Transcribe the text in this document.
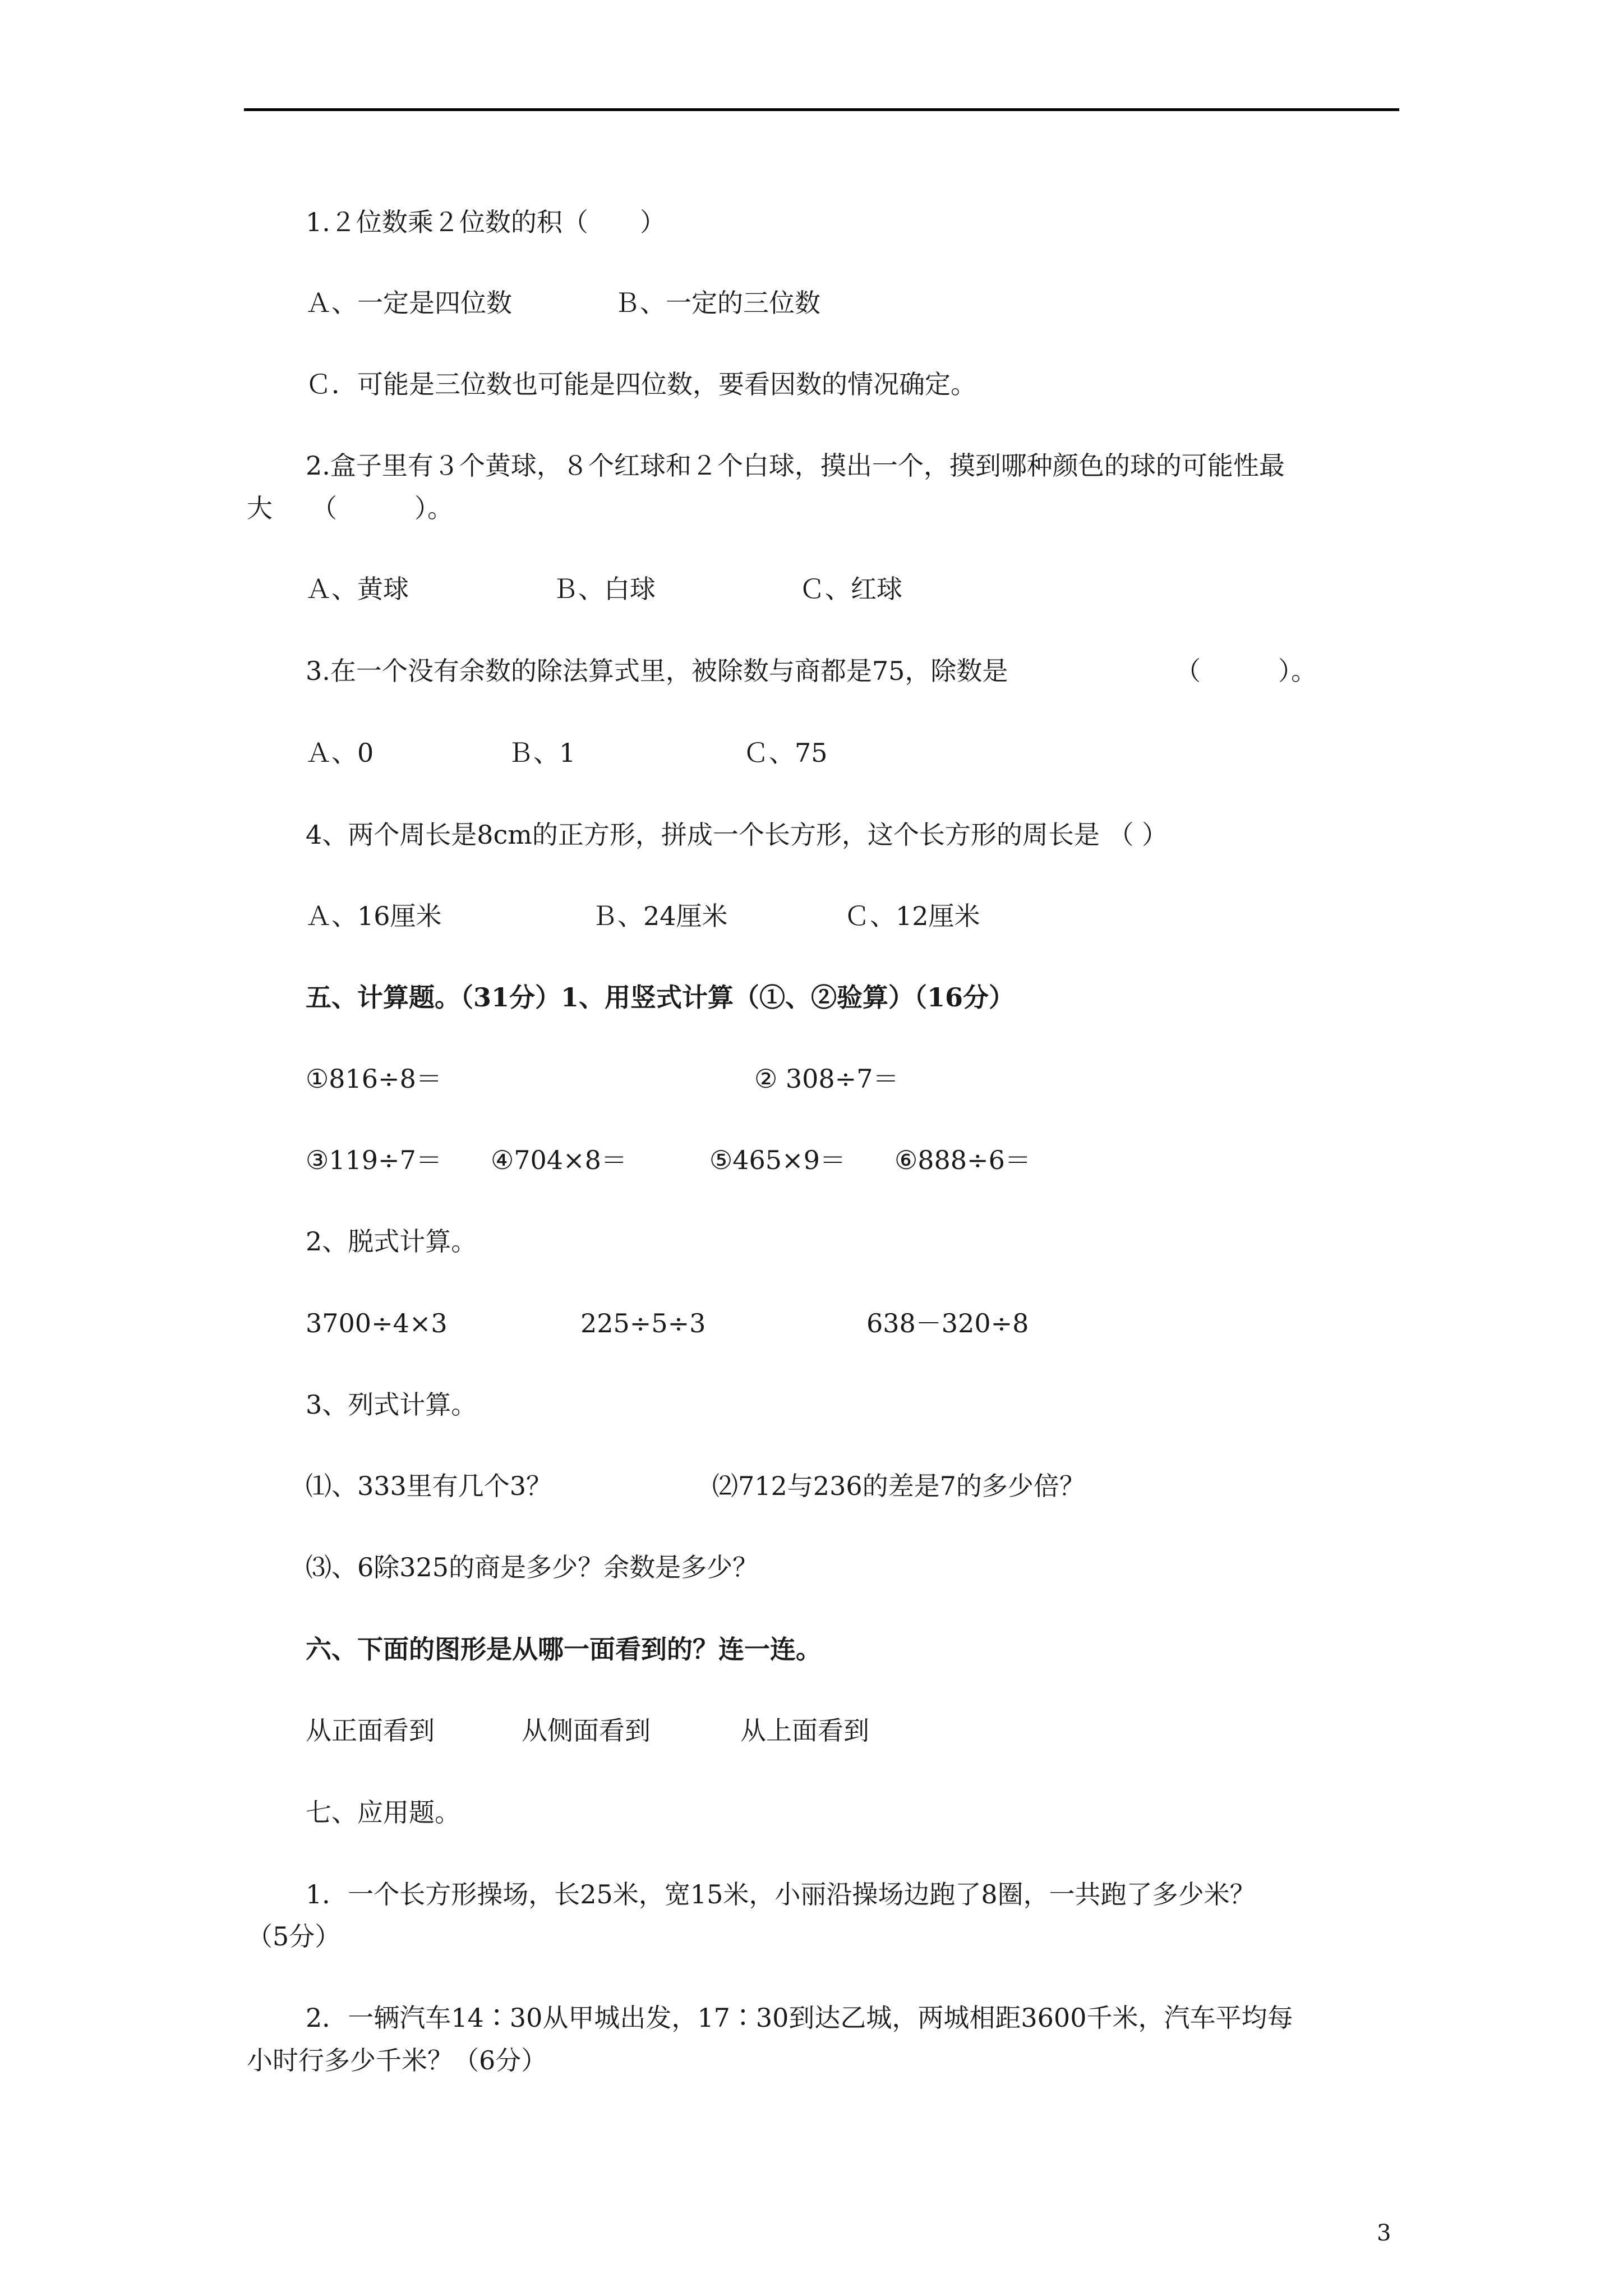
1.２位数乘２位数的积（　　）

Ａ、一定是四位数

	Ｂ、一定的三位数

Ｃ．可能是三位数也可能是四位数，要看因数的情况确定。
2.盒子里有３个黄球，８个红球和２个白球，摸出一个，摸到哪种颜色的球的可能性最
大　　（　　　）。

Ａ、黄球

	Ｂ、白球

	Ｃ、红球

3.在一个没有余数的除法算式里，被除数与商都是75，除数是

	（　　　）。

Ａ、0

	Ｂ、1

	Ｃ、75

4、两个周长是8cm的正方形，拼成一个长方形，这个长方形的周长是 （ ）

Ａ、16厘米

	Ｂ、24厘米

	Ｃ、12厘米

五、计算题。（31分）1、用竖式计算（①、②验算）（16分）

①816÷8＝

	② 308÷7＝

③119÷7＝

④704×8＝

	⑤465×9＝

⑥888÷6＝

2、脱式计算。

3700÷4×3

	225÷5÷3

	638－320÷8

3、列式计算。

⑴、333里有几个3？

	⑵712与236的差是7的多少倍？

⑶、6除325的商是多少？余数是多少？
六、下面的图形是从哪一面看到的？连一连。

从正面看到

	从侧面看到

	从上面看到

七、应用题。
1．一个长方形操场，长25米，宽15米，小丽沿操场边跑了8圈，一共跑了多少米？
（5分）
2．一辆汽车14∶30从甲城出发，17∶30到达乙城，两城相距3600千米，汽车平均每
小时行多少千米？（6分）
3
